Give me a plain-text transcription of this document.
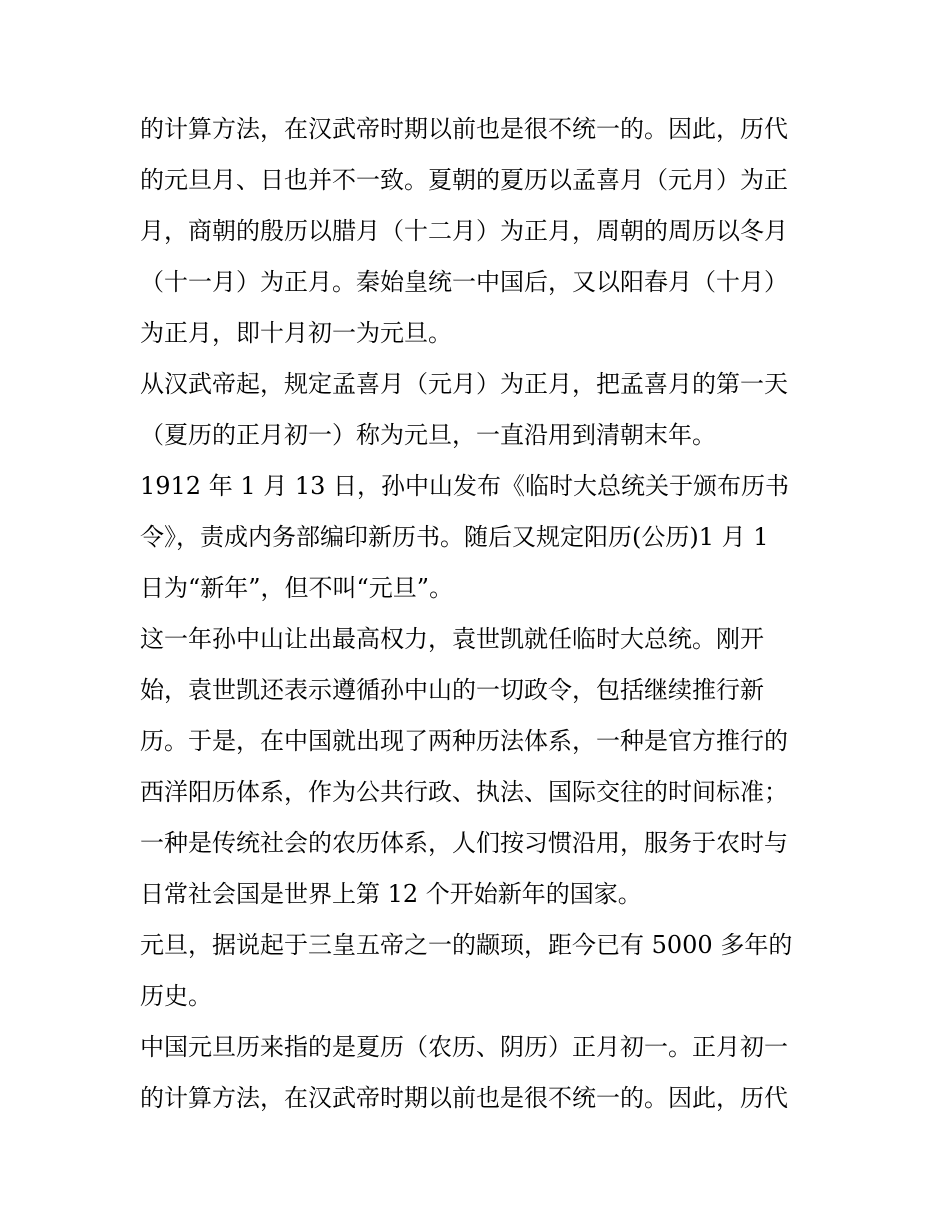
的计算方法，在汉武帝时期以前也是很不统一的。因此，历代
的元旦月、日也并不一致。夏朝的夏历以孟喜月（元月）为正
月，商朝的殷历以腊月（十二月）为正月，周朝的周历以冬月
（十一月）为正月。秦始皇统一中国后，又以阳春月（十月）
为正月，即十月初一为元旦。
从汉武帝起，规定孟喜月（元月）为正月，把孟喜月的第一天
（夏历的正月初一）称为元旦，一直沿用到清朝末年。
1912 年 1 月 13 日，孙中山发布《临时大总统关于颁布历书
令》，责成内务部编印新历书。随后又规定阳历(公历)1 月 1
日为“新年”，但不叫“元旦”。
这一年孙中山让出最高权力，袁世凯就任临时大总统。刚开
始，袁世凯还表示遵循孙中山的一切政令，包括继续推行新
历。于是，在中国就出现了两种历法体系，一种是官方推行的
西洋阳历体系，作为公共行政、执法、国际交往的时间标准；
一种是传统社会的农历体系，人们按习惯沿用，服务于农时与
日常社会国是世界上第 12 个开始新年的国家。
元旦，据说起于三皇五帝之一的颛顼，距今已有 5000 多年的
历史。
中国元旦历来指的是夏历（农历、阴历）正月初一。正月初一
的计算方法，在汉武帝时期以前也是很不统一的。因此，历代
